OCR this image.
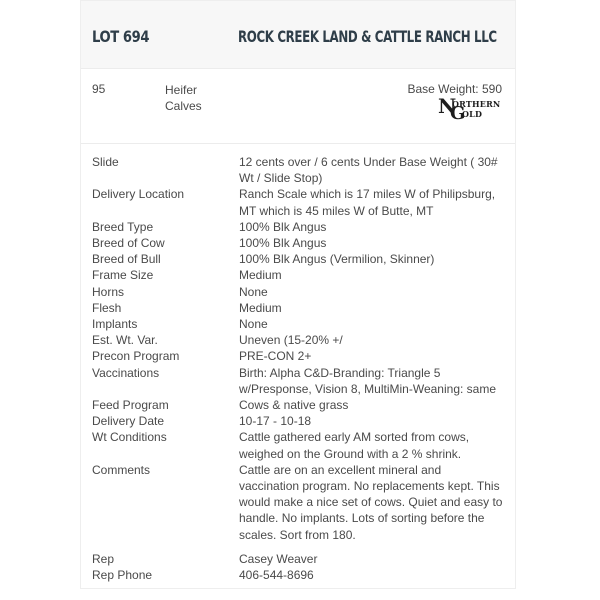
LOT 694	ROCK CREEK LAND & CATTLE RANCH LLC
95	Heifer Calves
Base Weight: 590
N
ORTHERN
G
OLD
Slide	12 cents over / 6 cents Under Base Weight ( 30# Wt / Slide Stop)
Delivery Location	Ranch Scale which is 17 miles W of Philipsburg, MT which is 45 miles W of Butte, MT
Breed Type	100% Blk Angus
Breed of Cow	100% Blk Angus
Breed of Bull	100% Blk Angus (Vermilion, Skinner)
Frame Size	Medium
Horns	None
Flesh	Medium
Implants	None
Est. Wt. Var.	Uneven (15-20% +/
Precon Program	PRE-CON 2+
Vaccinations	Birth: Alpha C&D-Branding: Triangle 5 w/Presponse, Vision 8, MultiMin-Weaning: same
Feed Program	Cows & native grass
Delivery Date	10-17 - 10-18
Wt Conditions	Cattle gathered early AM sorted from cows, weighed on the Ground with a 2 % shrink.
Comments	Cattle are on an excellent mineral and vaccination program. No replacements kept. This would make a nice set of cows. Quiet and easy to handle. No implants. Lots of sorting before the scales. Sort from 180.
Rep	Casey Weaver
Rep Phone	406-544-8696
